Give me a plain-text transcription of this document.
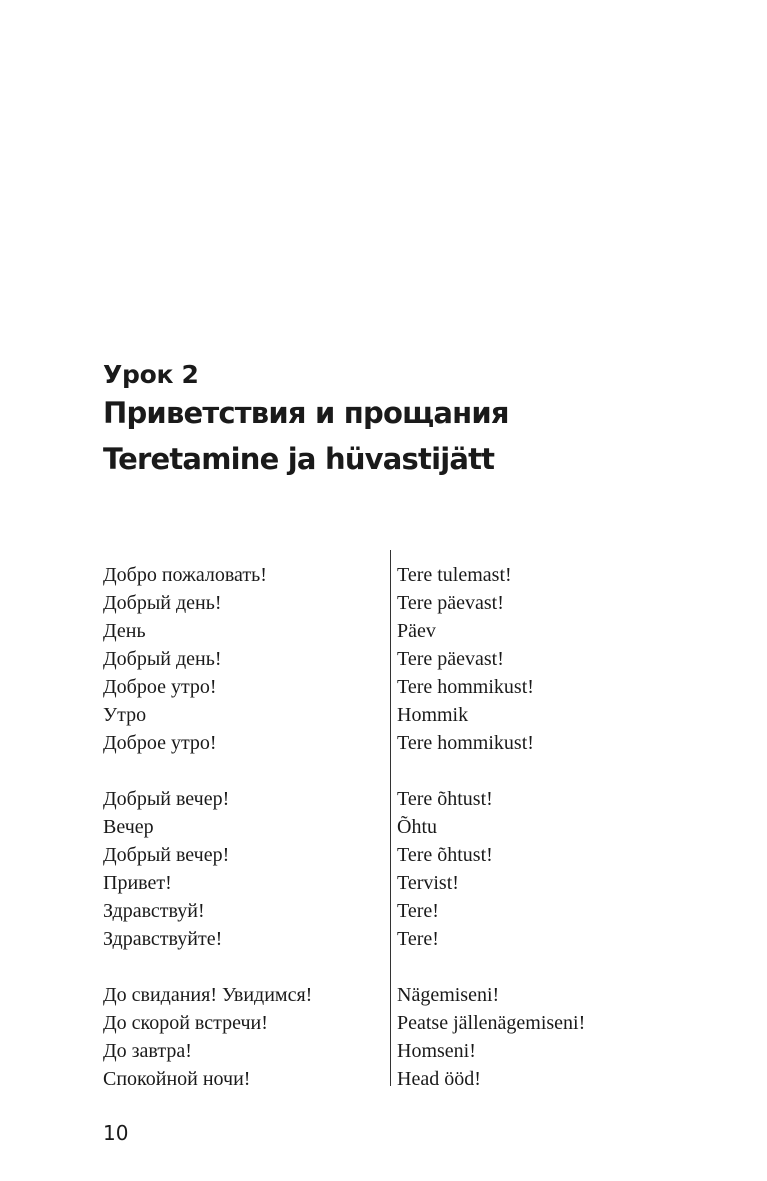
Урок 2
Приветствия и прощания
Teretamine ja hüvastijätt
Добро пожаловать!
Добрый день!
День
Добрый день!
Доброе утро!
Утро
Доброе утро!
Добрый вечер!
Вечер
Добрый вечер!
Привет!
Здравствуй!
Здравствуйте!
До свидания! Увидимся!
До скорой встречи!
До завтра!
Спокойной ночи!
Tere tulemast!
Tere päevast!
Päev
Tere päevast!
Tere hommikust!
Hommik
Tere hommikust!
Tere õhtust!
Õhtu
Tere õhtust!
Tervist!
Tere!
Tere!
Nägemiseni!
Peatse jällenägemiseni!
Homseni!
Head ööd!
10
